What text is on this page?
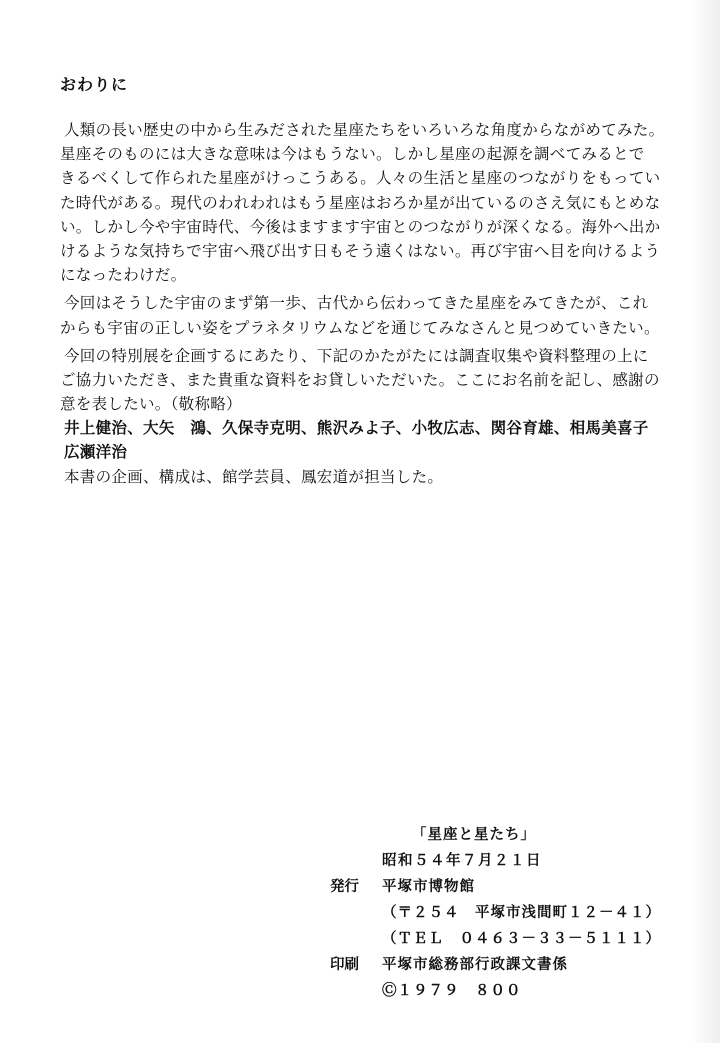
おわりに
人類の長い歴史の中から生みだされた星座たちをいろいろな角度からながめてみた。
星座そのものには大きな意味は今はもうない。しかし星座の起源を調べてみるとで
きるべくして作られた星座がけっこうある。人々の生活と星座のつながりをもってい
た時代がある。現代のわれわれはもう星座はおろか星が出ているのさえ気にもとめな
い。しかし今や宇宙時代、今後はますます宇宙とのつながりが深くなる。海外へ出か
けるような気持ちで宇宙へ飛び出す日もそう遠くはない。再び宇宙へ目を向けるよう
になったわけだ。
今回はそうした宇宙のまず第一歩、古代から伝わってきた星座をみてきたが、これ
からも宇宙の正しい姿をプラネタリウムなどを通じてみなさんと見つめていきたい。
今回の特別展を企画するにあたり、下記のかたがたには調査収集や資料整理の上に
ご協力いただき、また貴重な資料をお貸しいただいた。ここにお名前を記し、感謝の
意を表したい。（敬称略）
井上健治、大矢　鴻、久保寺克明、熊沢みよ子、小牧広志、関谷育雄、相馬美喜子
広瀬洋治
本書の企画、構成は、館学芸員、鳳宏道が担当した。
「星座と星たち」
昭和５４年７月２１日
発行	平塚市博物館
（〒２５４　平塚市浅間町１２－４１）
（ＴＥＬ　０４６３－３３－５１１１）
印刷	平塚市総務部行政課文書係
Ⓒ１９７９　８００
